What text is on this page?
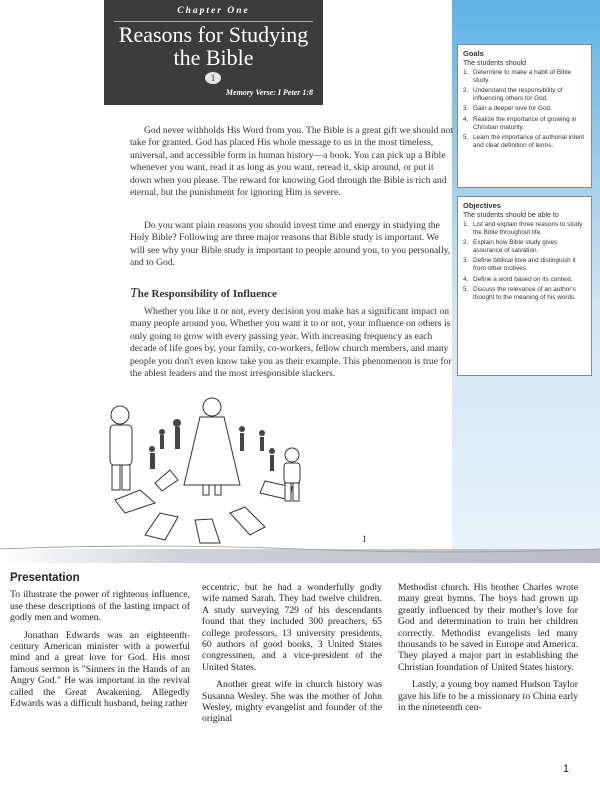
Goals
The students should
1. Determine to make a habit of Bible study.
2. Understand the responsibility of influencing others for God.
3. Gain a deeper love for God.
4. Realize the importance of growing in Christian maturity.
5. Learn the importance of authorial intent and clear definition of terms.
Objectives
The students should be able to
1. List and explain three reasons to study the Bible throughout life.
2. Explain how Bible study gives assurance of salvation.
3. Define biblical love and distinguish it from other motives.
4. Define a word based on its context.
5. Discuss the relevance of an author's thought to the meaning of his words.
Chapter One
Reasons for Studying
the Bible
1
Memory Verse: I Peter 1:8

God never withholds His Word from you. The Bible is a great gift we should not take for granted. God has placed His whole message to us in the most timeless, universal, and accessible form in human history—a book. You can pick up a Bible whenever you want, read it as long as you want, reread it, skip around, or put it down when you please. The reward for knowing God through the Bible is rich and eternal, but the punishment for ignoring Him is severe.

Do you want plain reasons you should invest time and energy in studying the Holy Bible? Following are three major reasons that Bible study is important. We will see why your Bible study is important to people around you, to you personally, and to God.

The Responsibility of Influence

Whether you like it or not, every decision you make has a significant impact on many people around you. Whether you want it to or not, your influence on others is only going to grow with every passing year. With increasing frequency as each decade of life goes by, your family, co-workers, fellow church members, and many people you don't even know take you as their example. This phenomenon is true for the ablest leaders and the most irresponsible slackers.

1
Presentation

To illustrate the power of righteous influence, use these descriptions of the lasting impact of godly men and women.

Jonathan Edwards was an eighteenth-century American minister with a powerful mind and a great love for God. His most famous sermon is "Sinners in the Hands of an Angry God." He was important in the revival called the Great Awakening. Allegedly Edwards was a difficult husband, being rather

eccentric, but he had a wonderfully godly wife named Sarah. They had twelve children. A study surveying 729 of his descendants found that they included 300 preachers, 65 college professors, 13 university presidents, 60 authors of good books, 3 United States congressmen, and a vice-president of the United States.

Another great wife in church history was Susanna Wesley. She was the mother of John Wesley, mighty evangelist and founder of the original

Methodist church. His brother Charles wrote many great hymns. The boys had grown up greatly influenced by their mother's love for God and determination to train her children correctly. Methodist evangelists led many thousands to be saved in Europe and America. They played a major part in establishing the Christian foundation of United States history.

Lastly, a young boy named Hudson Taylor gave his life to be a missionary to China early in the nineteenth cen-

1
